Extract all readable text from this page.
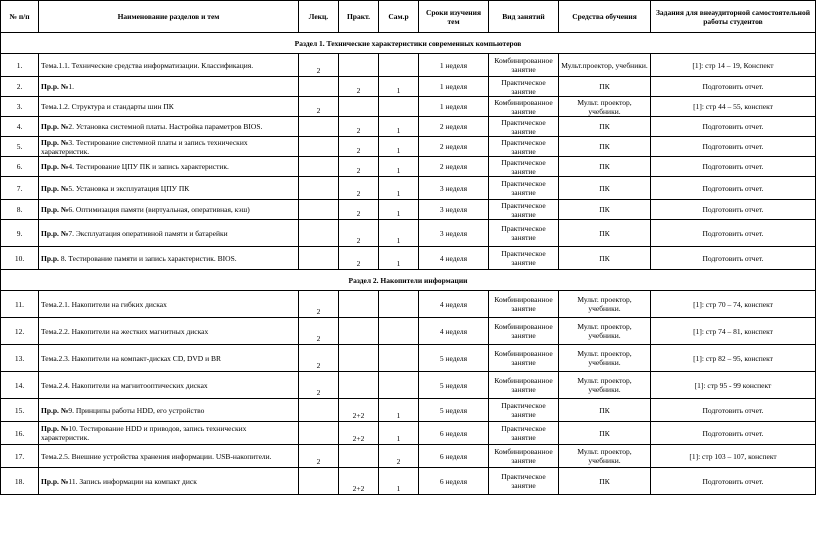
№ п/п	Наименование разделов и тем	Лекц.	Практ.	Сам.р	Сроки изучения тем	Вид занятий	Средства обучения	Задания для внеаудиторной самостоятельной работы студентов
Раздел 1. Технические характеристики современных компьютеров								
1.	Тема.1.1. Технические средства информатизации. Классификация.	2			1 неделя	Комбинированное занятие	Мульт.проектор, учебники.	[1]: стр 14 – 19, Конспект
2.	Пр.р. №1.		2	1	1 неделя	Практическое занятие	ПК	Подготовить отчет.
3.	Тема.1.2. Структура и стандарты шин ПК	2			1 неделя	Комбинированное занятие	Мульт. проектор, учебники.	[1]: стр 44 – 55, конспект
4.	Пр.р. №2. Установка системной платы. Настройка параметров BIOS.		2	1	2 неделя	Практическое занятие	ПК	Подготовить отчет.
5.	Пр.р. №3. Тестирование системной платы и запись технических характеристик.		2	1	2 неделя	Практическое занятие	ПК	Подготовить отчет.
6.	Пр.р. №4. Тестирование ЦПУ ПК и запись характеристик.		2	1	2 неделя	Практическое занятие	ПК	Подготовить отчет.
7.	Пр.р. №5. Установка и эксплуатация ЦПУ ПК		2	1	3 неделя	Практическое занятие	ПК	Подготовить отчет.
8.	Пр.р. №6. Оптимизация памяти (виртуальная, оперативная, кэш)		2	1	3 неделя	Практическое занятие	ПК	Подготовить отчет.
9.	Пр.р. №7. Эксплуатация оперативной памяти и батарейки		2	1	3 неделя	Практическое занятие	ПК	Подготовить отчет.
10.	Пр.р. 8. Тестирование памяти и запись характеристик. BIOS.		2	1	4 неделя	Практическое занятие	ПК	Подготовить отчет.
Раздел 2. Накопители информации								
11.	Тема.2.1. Накопители на гибких дисках	2			4 неделя	Комбинированное занятие	Мульт. проектор, учебники.	[1]: стр 70 – 74, конспект
12.	Тема.2.2. Накопители на жестких магнитных дисках	2			4 неделя	Комбинированное занятие	Мульт. проектор, учебники.	[1]: стр 74 – 81, конспект
13.	Тема.2.3. Накопители на компакт-дисках CD, DVD и BR	2			5 неделя	Комбинированное занятие	Мульт. проектор, учебники.	[1]: стр 82 – 95, конспект
14.	Тема.2.4. Накопители на магнитооптических дисках	2			5 неделя	Комбинированное занятие	Мульт. проектор, учебники.	[1]: стр 95 - 99 конспект
15.	Пр.р. №9. Принципы работы HDD, его устройство		2+2	1	5 неделя	Практическое занятие	ПК	Подготовить отчет.
16.	Пр.р. №10. Тестирование HDD и приводов, запись технических характеристик.		2+2	1	6 неделя	Практическое занятие	ПК	Подготовить отчет.
17.	Тема.2.5. Внешние устройства хранения информации. USB-накопители.	2		2	6 неделя	Комбинированное занятие	Мульт. проектор, учебники.	[1]: стр 103 – 107, конспект
18.	Пр.р. №11. Запись информации на компакт диск		2+2	1	6 неделя	Практическое занятие	ПК	Подготовить отчет.
